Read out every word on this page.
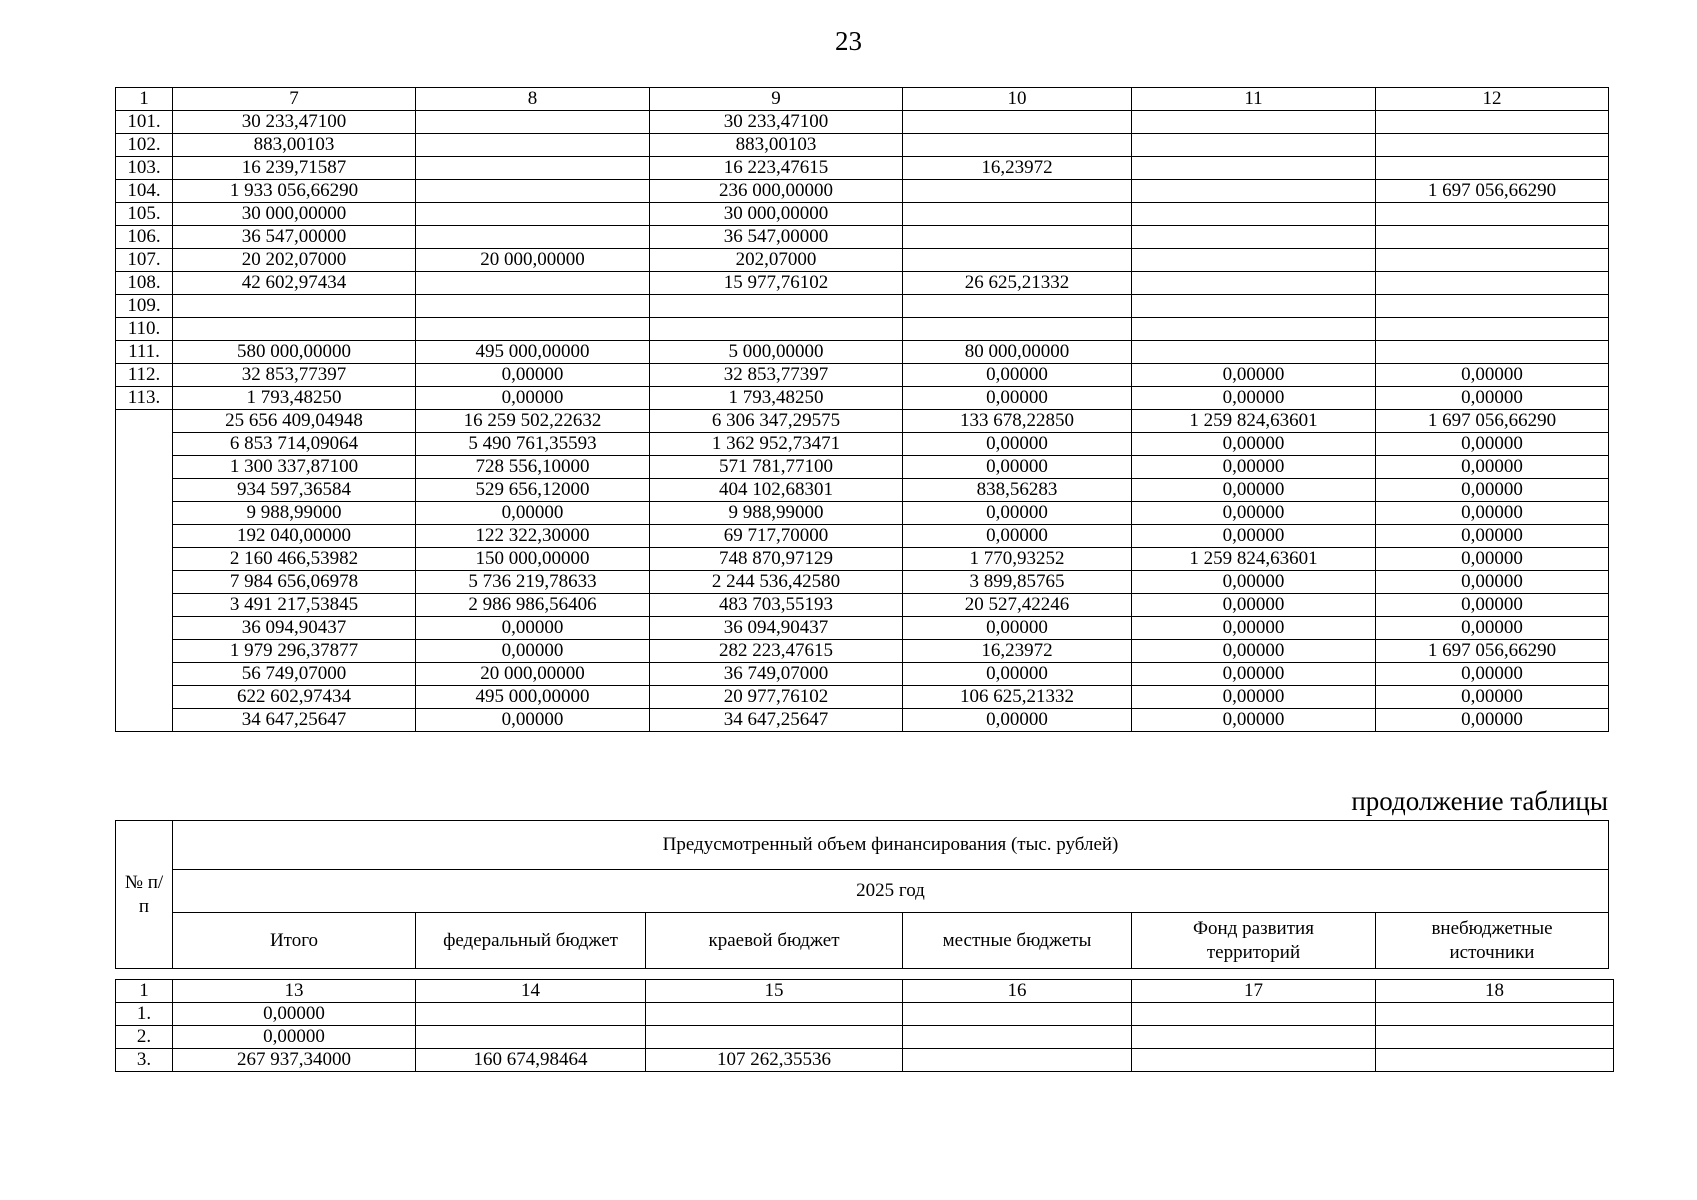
23
1	7	8	9	10	11	12
101.	30 233,47100		30 233,47100			
102.	883,00103		883,00103			
103.	16 239,71587		16 223,47615	16,23972		
104.	1 933 056,66290		236 000,00000			1 697 056,66290
105.	30 000,00000		30 000,00000			
106.	36 547,00000		36 547,00000			
107.	20 202,07000	20 000,00000	202,07000			
108.	42 602,97434		15 977,76102	26 625,21332		
109.						
110.						
111.	580 000,00000	495 000,00000	5 000,00000	80 000,00000		
112.	32 853,77397	0,00000	32 853,77397	0,00000	0,00000	0,00000
113.	1 793,48250	0,00000	1 793,48250	0,00000	0,00000	0,00000
	25 656 409,04948	16 259 502,22632	6 306 347,29575	133 678,22850	1 259 824,63601	1 697 056,66290
	6 853 714,09064	5 490 761,35593	1 362 952,73471	0,00000	0,00000	0,00000
	1 300 337,87100	728 556,10000	571 781,77100	0,00000	0,00000	0,00000
	934 597,36584	529 656,12000	404 102,68301	838,56283	0,00000	0,00000
	9 988,99000	0,00000	9 988,99000	0,00000	0,00000	0,00000
	192 040,00000	122 322,30000	69 717,70000	0,00000	0,00000	0,00000
	2 160 466,53982	150 000,00000	748 870,97129	1 770,93252	1 259 824,63601	0,00000
	7 984 656,06978	5 736 219,78633	2 244 536,42580	3 899,85765	0,00000	0,00000
	3 491 217,53845	2 986 986,56406	483 703,55193	20 527,42246	0,00000	0,00000
	36 094,90437	0,00000	36 094,90437	0,00000	0,00000	0,00000
	1 979 296,37877	0,00000	282 223,47615	16,23972	0,00000	1 697 056,66290
	56 749,07000	20 000,00000	36 749,07000	0,00000	0,00000	0,00000
	622 602,97434	495 000,00000	20 977,76102	106 625,21332	0,00000	0,00000
	34 647,25647	0,00000	34 647,25647	0,00000	0,00000	0,00000
продолжение таблицы
№ п/п	Предусмотренный объем финансирования (тыс. рублей)					
	2025 год					
	Итого	федеральный бюджет	краевой бюджет	местные бюджеты	Фонд развития территорий	внебюджетные источники
1	13	14	15	16	17	18
1.	0,00000					
2.	0,00000					
3.	267 937,34000	160 674,98464	107 262,35536			
